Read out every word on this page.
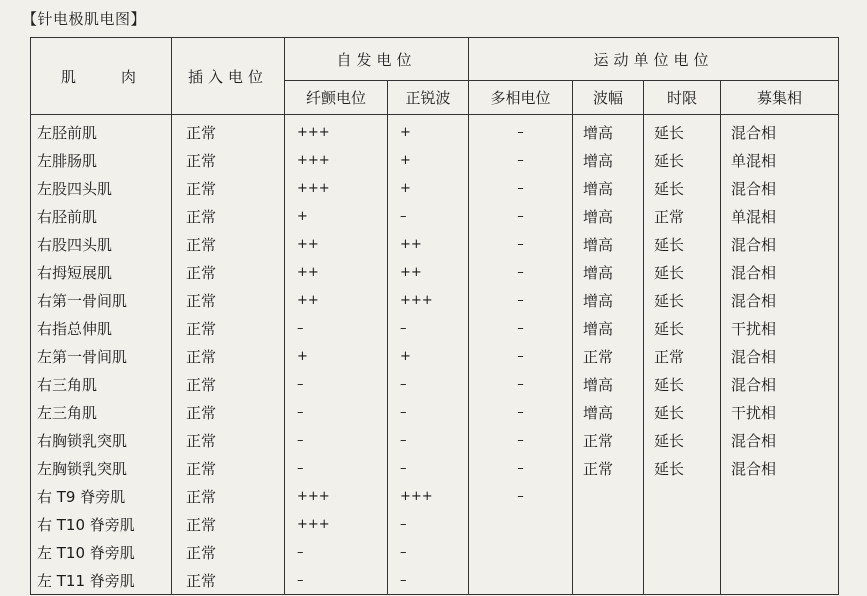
【针电极肌电图】
肌　　肉	插入电位	自发电位		运动单位电位			
		纤颤电位	正锐波	多相电位	波幅	时限	募集相
左胫前肌	正常	+++	+	–	增高	延长	混合相
左腓肠肌	正常	+++	+	–	增高	延长	单混相
左股四头肌	正常	+++	+	–	增高	延长	混合相
右胫前肌	正常	+	–	–	增高	正常	单混相
右股四头肌	正常	++	++	–	增高	延长	混合相
右拇短展肌	正常	++	++	–	增高	延长	混合相
右第一骨间肌	正常	++	+++	–	增高	延长	混合相
右指总伸肌	正常	–	–	–	增高	延长	干扰相
左第一骨间肌	正常	+	+	–	正常	正常	混合相
右三角肌	正常	–	–	–	增高	延长	混合相
左三角肌	正常	–	–	–	增高	延长	干扰相
右胸锁乳突肌	正常	–	–	–	正常	延长	混合相
左胸锁乳突肌	正常	–	–	–	正常	延长	混合相
右 T9 脊旁肌	正常	+++	+++	–			
右 T10 脊旁肌	正常	+++	–				
左 T10 脊旁肌	正常	–	–				
左 T11 脊旁肌	正常	–	–				
